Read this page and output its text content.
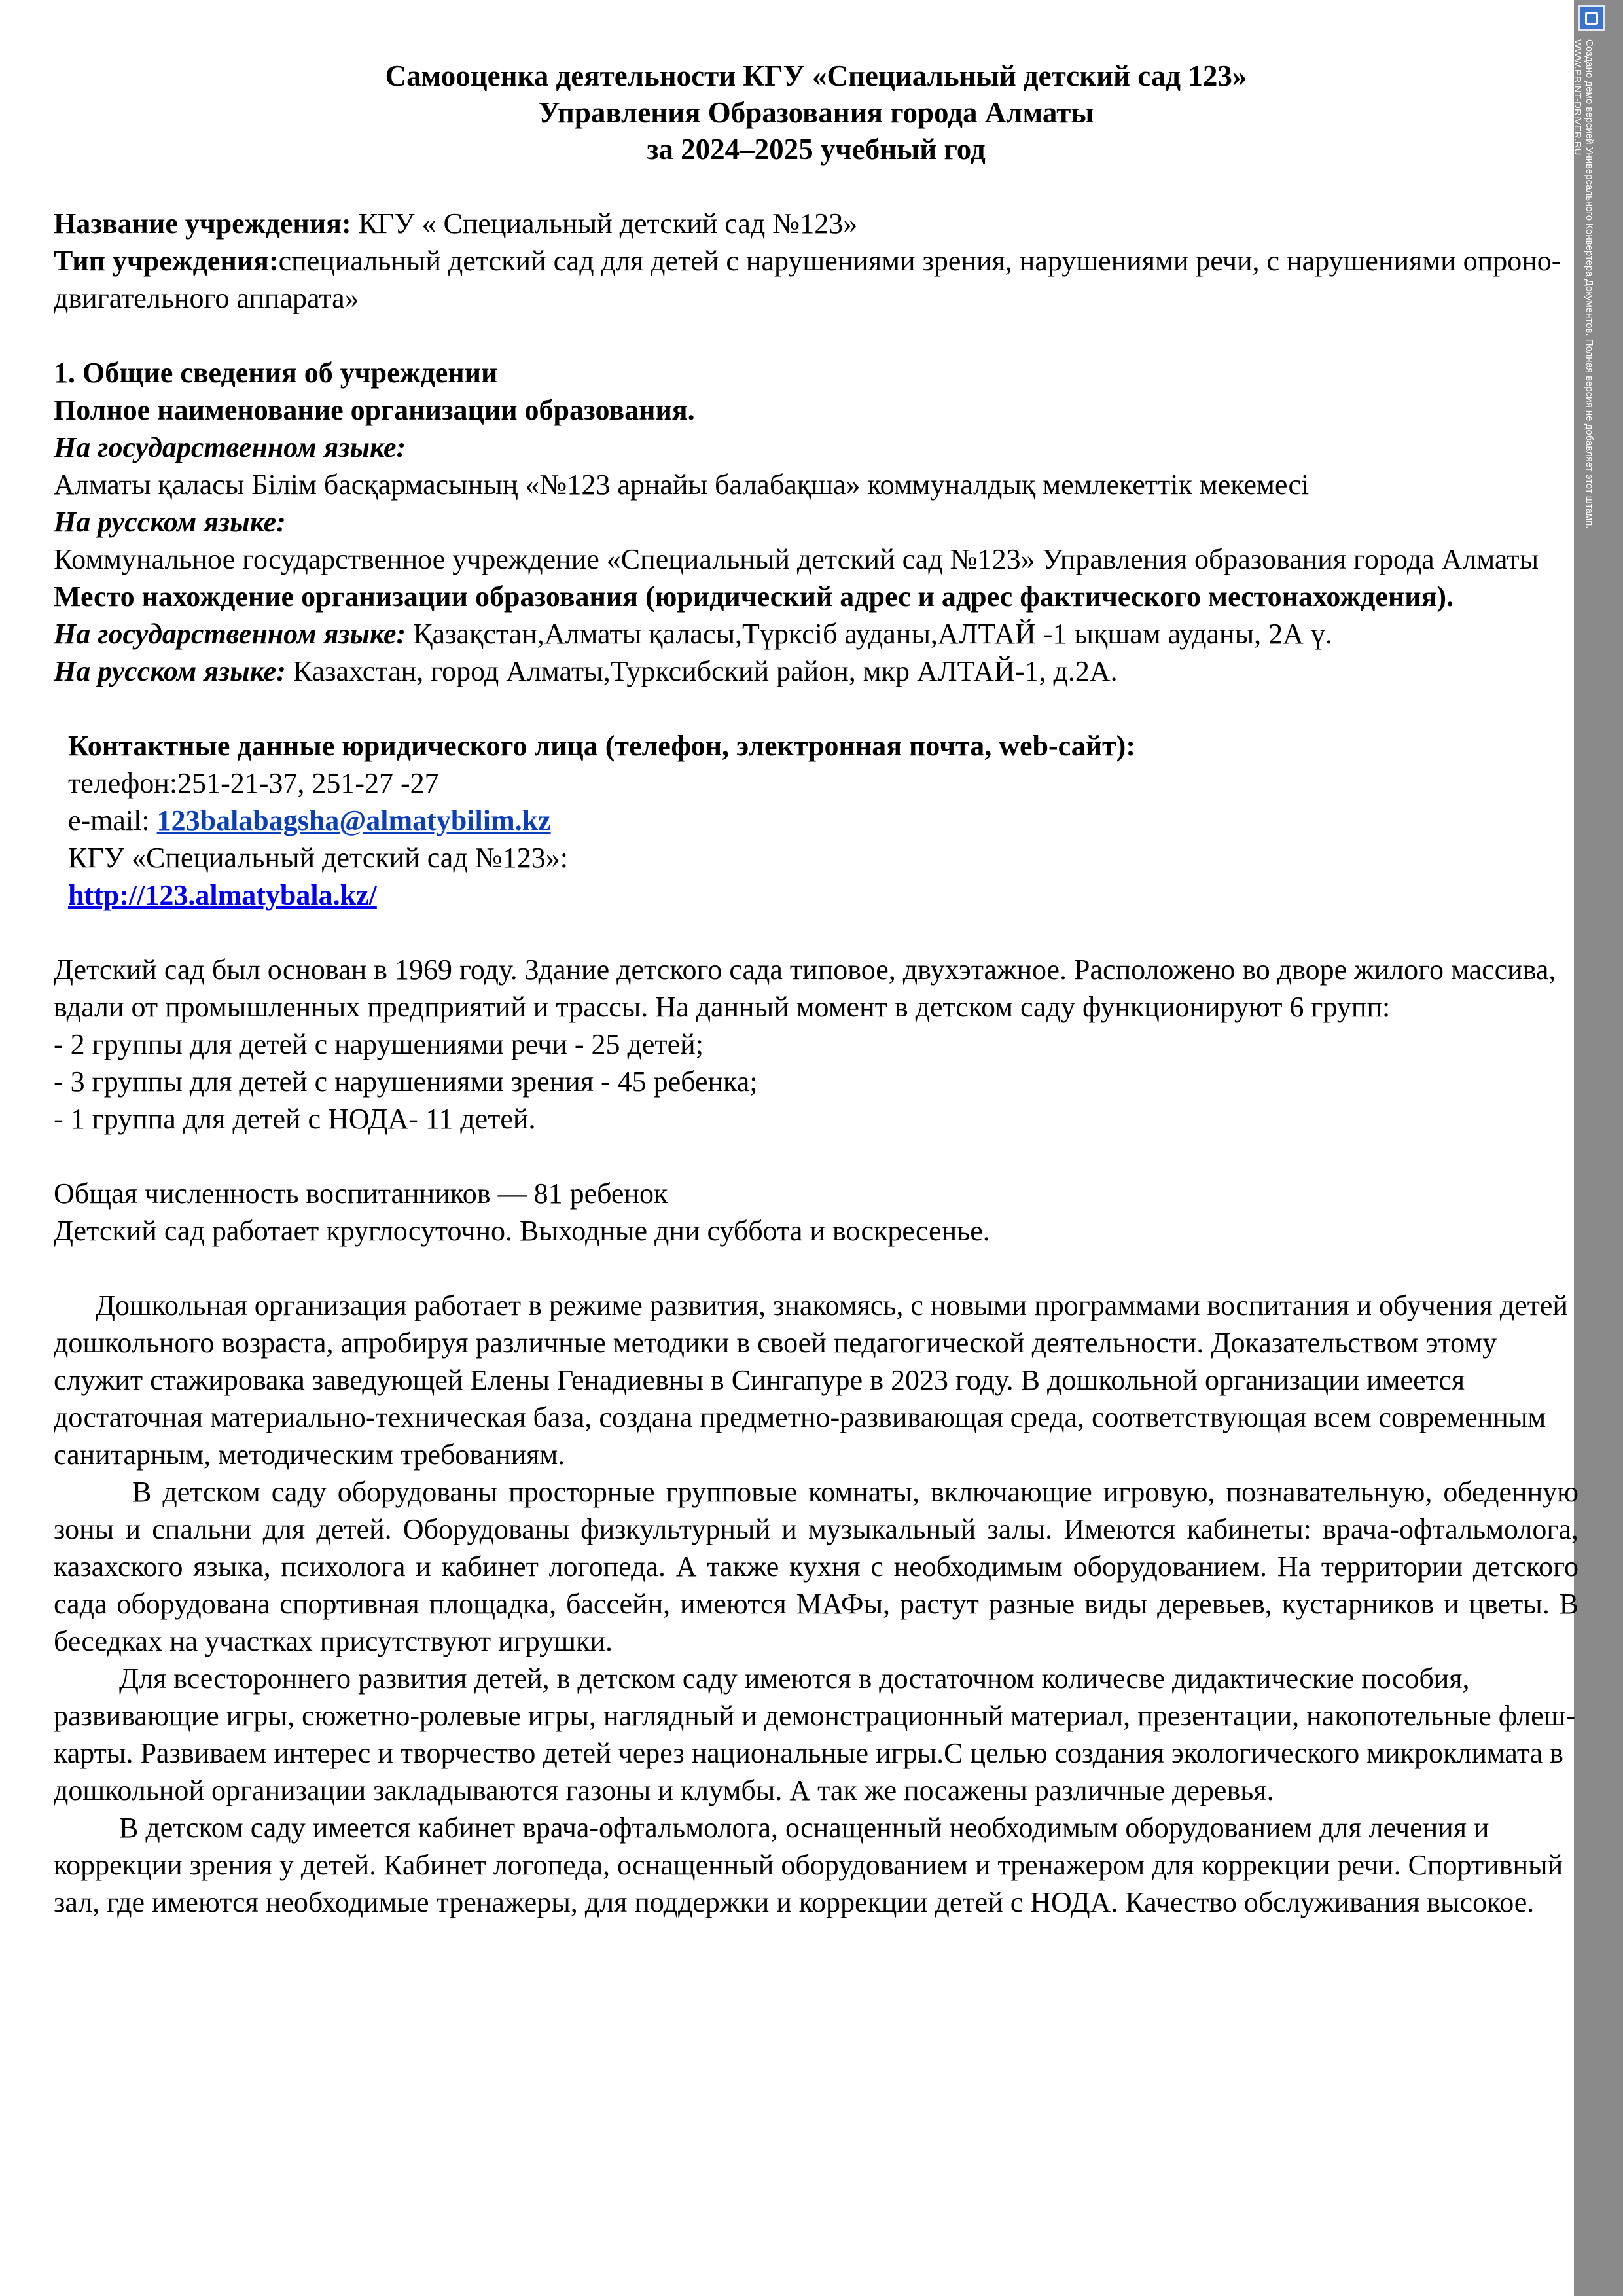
Создано демо версией Универсального Конвертера Документов. Полная версия не добавляет этот штамп.
WWW.PRINT-DRIVER.RU
Самооценка деятельности КГУ «Специальный детский сад 123»
Управления Образования города Алматы
за 2024–2025 учебный год
Название учреждения: КГУ « Специальный детский сад №123»
Тип учреждения:специальный детский сад для детей с нарушениями зрения, нарушениями речи, с нарушениями опроно-двигательного аппарата»
1. Общие сведения об учреждении
Полное наименование организации образования.
На государственном языке:
Алматы қаласы Білім басқармасының «№123 арнайы балабақша» коммуналдық мемлекеттік мекемесі
На русском языке:
Коммунальное государственное учреждение «Специальный детский сад №123» Управления образования города Алматы
Место нахождение организации образования (юридический адрес и адрес фактического местонахождения).
На государственном языке: Қазақстан,Алматы қаласы,Түрксіб ауданы,АЛТАЙ -1 ықшам ауданы, 2А ү.
На русском языке: Казахстан, город Алматы,Турксибский район, мкр АЛТАЙ-1, д.2А.
Контактные данные юридического лица (телефон, электронная почта, web-сайт):
телефон:251-21-37, 251-27 -27
e-mail: 123balabagsha@almatybilim.kz
КГУ «Специальный детский сад №123»:
http://123.almatybala.kz/
Детский сад был основан в 1969 году. Здание детского сада типовое, двухэтажное. Расположено во дворе жилого массива, вдали от промышленных предприятий и трассы. На данный момент в детском саду функционируют 6 групп:
- 2 группы для детей с нарушениями речи - 25 детей;
- 3 группы для детей с нарушениями зрения - 45 ребенка;
- 1 группа для детей с НОДА- 11 детей.
Общая численность воспитанников — 81 ребенок
Детский сад работает круглосуточно. Выходные дни суббота и воскресенье.
Дошкольная организация работает в режиме развития, знакомясь, с новыми программами воспитания и обучения детей дошкольного возраста, апробируя различные методики в своей педагогической деятельности. Доказательством этому служит стажировака заведующей Елены Генадиевны в Сингапуре в 2023 году. В дошкольной организации имеется достаточная материально-техническая база, создана предметно-развивающая среда, соответствующая всем современным санитарным, методическим требованиям.
В детском саду оборудованы просторные групповые комнаты, включающие игровую, познавательную, обеденную зоны и спальни для детей. Оборудованы физкультурный и музыкальный залы. Имеются кабинеты: врача-офтальмолога, казахского языка, психолога и кабинет логопеда. А также кухня с необходимым оборудованием. На территории детского сада оборудована спортивная площадка, бассейн, имеются МАФы, растут разные виды деревьев, кустарников и цветы. В беседках на участках присутствуют игрушки.
Для всестороннего развития детей, в детском саду имеются в достаточном количесве дидактические пособия, развивающие игры, сюжетно-ролевые игры, наглядный и демонстрационный материал, презентации, накопотельные флеш-карты. Развиваем интерес и творчество детей через национальные игры.С целью создания экологического микроклимата в дошкольной организации закладываются газоны и клумбы. А так же посажены различные деревья.
В детском саду имеется кабинет врача-офтальмолога, оснащенный необходимым оборудованием для лечения и коррекции зрения у детей. Кабинет логопеда, оснащенный оборудованием и тренажером для коррекции речи. Спортивный зал, где имеются необходимые тренажеры, для поддержки и коррекции детей с НОДА. Качество обслуживания высокое.
